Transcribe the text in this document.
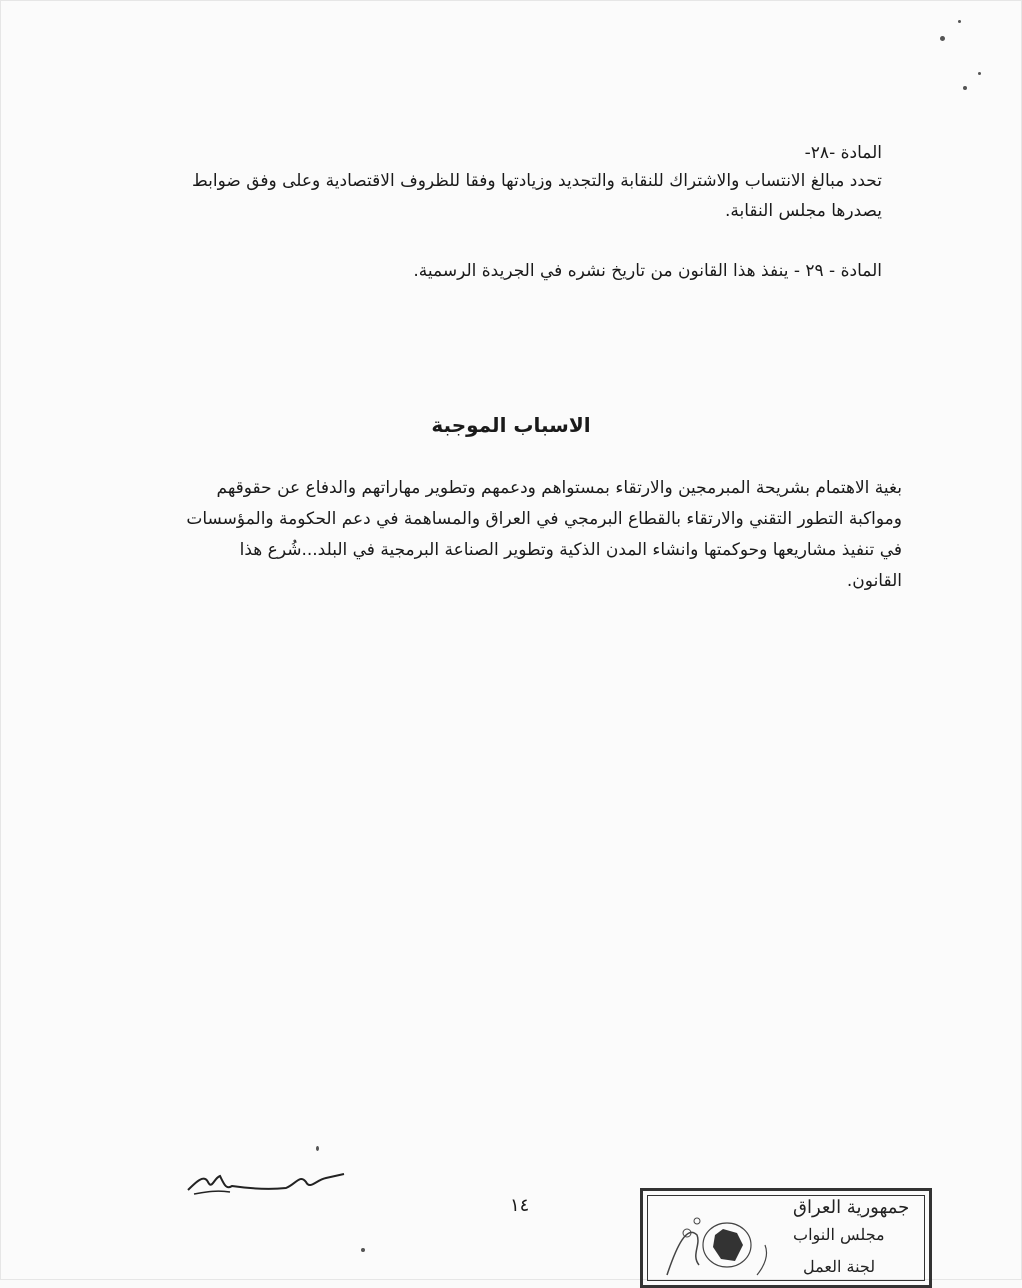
المادة -٢٨-
تحدد مبالغ الانتساب والاشتراك للنقابة والتجديد وزيادتها وفقا للظروف الاقتصادية وعلى وفق ضوابط
يصدرها مجلس النقابة.
المادة - ٢٩ - ينفذ هذا القانون من تاريخ نشره في الجريدة الرسمية.
الاسباب الموجبة
بغية الاهتمام بشريحة المبرمجين والارتقاء بمستواهم ودعمهم وتطوير مهاراتهم والدفاع عن حقوقهم
ومواكبة التطور التقني والارتقاء بالقطاع البرمجي في العراق والمساهمة في دعم الحكومة والمؤسسات
في تنفيذ مشاريعها وحوكمتها وانشاء المدن الذكية وتطوير الصناعة البرمجية في البلد...شُرع هذا
القانون.
١٤	جمهورية العراق
مجلس النواب
لجنة العمل
